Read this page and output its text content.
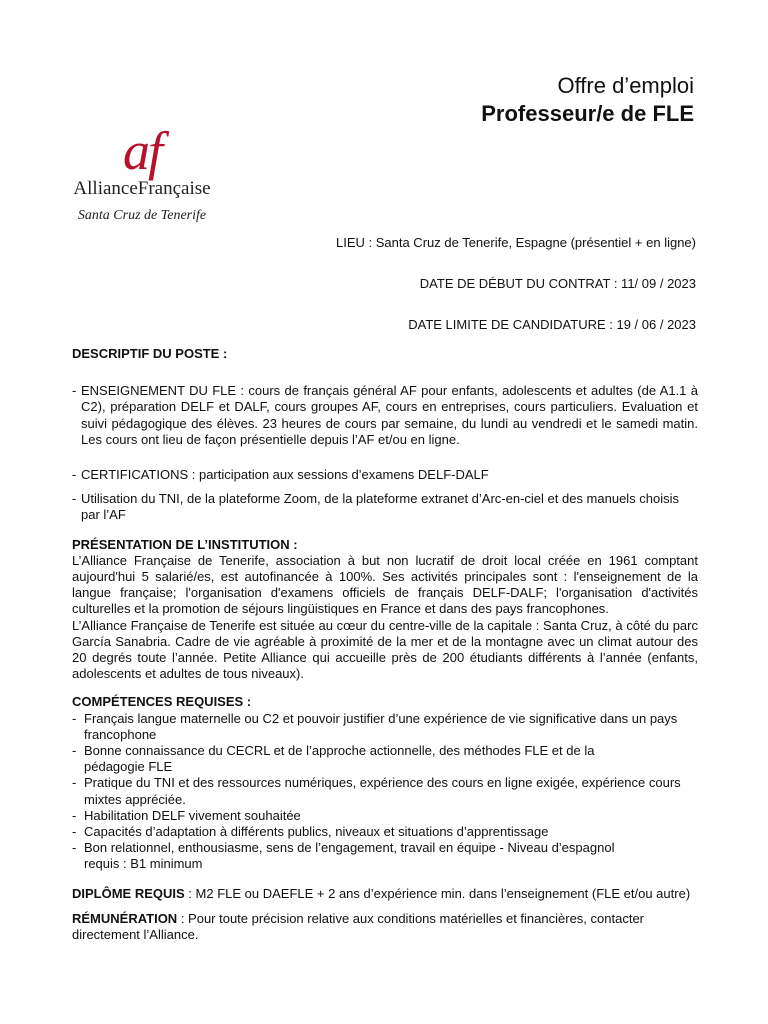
Offre d’emploi
Professeur/e de FLE
af
AllianceFrançaise
Santa Cruz de Tenerife
LIEU : Santa Cruz de Tenerife, Espagne (présentiel + en ligne)
DATE DE DÉBUT DU CONTRAT : 11/ 09 / 2023
DATE LIMITE DE CANDIDATURE : 19 / 06 / 2023
DESCRIPTIF DU POSTE :
- ENSEIGNEMENT DU FLE : cours de français général AF pour enfants, adolescents et adultes (de A1.1 à C2), préparation DELF et DALF, cours groupes AF, cours en entreprises, cours particuliers. Evaluation et suivi pédagogique des élèves. 23 heures de cours par semaine, du lundi au vendredi et le samedi matin. Les cours ont lieu de façon présentielle depuis l’AF et/ou en ligne.
- CERTIFICATIONS : participation aux sessions d’examens DELF-DALF
- Utilisation du TNI, de la plateforme Zoom, de la plateforme extranet d’Arc-en-ciel et des manuels choisis par l’AF
PRÉSENTATION DE L’INSTITUTION :

L’Alliance Française de Tenerife, association à but non lucratif de droit local créée en 1961 comptant aujourd'hui 5 salarié/es, est autofinancée à 100%. Ses activités principales sont : l'enseignement de la langue française; l'organisation d'examens officiels de français DELF-DALF; l'organisation d'activités culturelles et la promotion de séjours lingüistiques en France et dans des pays francophones.

L’Alliance Française de Tenerife est située au cœur du centre-ville de la capitale : Santa Cruz, à côté du parc García Sanabria. Cadre de vie agréable à proximité de la mer et de la montagne avec un climat autour des 20 degrés toute l’année. Petite Alliance qui accueille près de 200 étudiants différents à l’année (enfants, adolescents et adultes de tous niveaux).

COMPÉTENCES REQUISES :
- Français langue maternelle ou C2 et pouvoir justifier d’une expérience de vie significative dans un pays francophone
- Bonne connaissance du CECRL et de l’approche actionnelle, des méthodes FLE et de la pédagogie FLE
- Pratique du TNI et des ressources numériques, expérience des cours en ligne exigée, expérience cours mixtes appréciée.
- Habilitation DELF vivement souhaitée
- Capacités d’adaptation à différents publics, niveaux et situations d’apprentissage
- Bon relationnel, enthousiasme, sens de l’engagement, travail en équipe - Niveau d’espagnol requis : B1 minimum

DIPLÔME REQUIS : M2 FLE ou DAEFLE + 2 ans d’expérience min. dans l’enseignement (FLE et/ou autre)

RÉMUNÉRATION : Pour toute précision relative aux conditions matérielles et financières, contacter directement l’Alliance.
